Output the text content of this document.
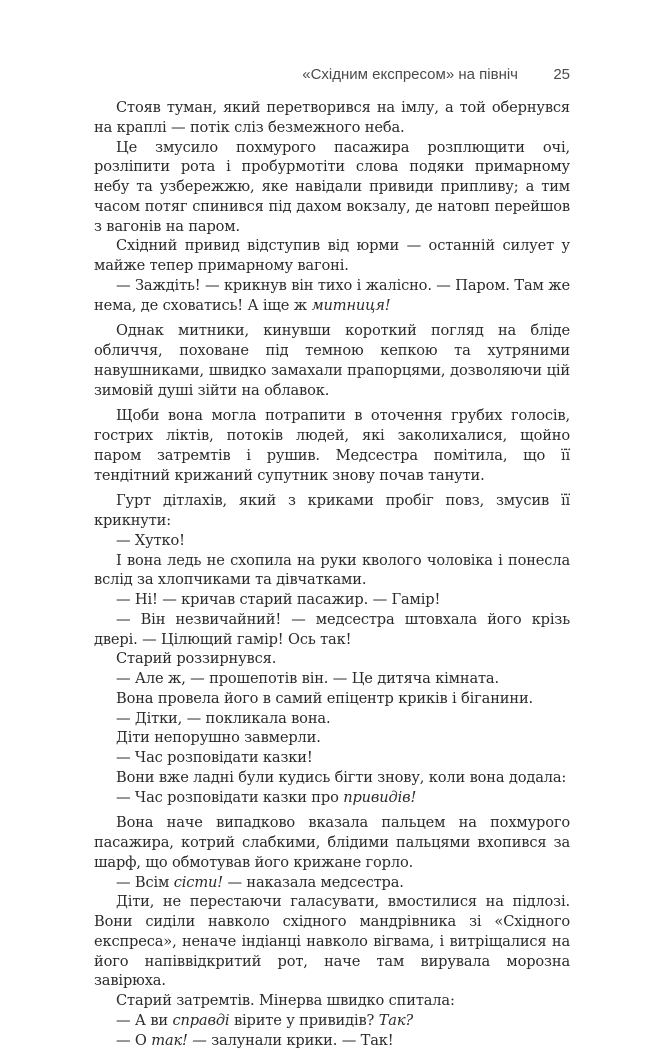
«Східним експресом» на північ 25

Стояв туман, який перетворився на імлу, а той обернувся на краплі — потік сліз безмежного неба.

Це змусило похмурого пасажира розплющити очі, розліпити рота і пробурмотіти слова подяки примарному небу та узбережжю, яке навідали привиди припливу; а тим часом потяг спинився під дахом вокзалу, де натовп перейшов з вагонів на паром.

Східний привид відступив від юрми — останній силует у майже тепер примарному вагоні.

— Заждіть! — крикнув він тихо і жалісно. — Паром. Там же нема, де сховатись! А іще ж митниця!

Однак митники, кинувши короткий погляд на бліде обличчя, поховане під темною кепкою та хутряними навушниками, швидко замахали прапорцями, дозволяючи цій зимовій душі зійти на облавок.

Щоби вона могла потрапити в оточення грубих голосів, гострих ліктів, потоків людей, які заколихалися, щойно паром затремтів і рушив. Медсестра помітила, що її тендітний крижаний супутник знову почав танути.

Гурт дітлахів, який з криками пробіг повз, змусив її крикнути:

— Хутко!

І вона ледь не схопила на руки кволого чоловіка і понесла вслід за хлопчиками та дівчатками.

— Ні! — кричав старий пасажир. — Гамір!

— Він незвичайний! — медсестра штовхала його крізь двері. — Цілющий гамір! Ось так!

Старий роззирнувся.

— Але ж, — прошепотів він. — Це дитяча кімната.

Вона провела його в самий епіцентр криків і біганини.

— Дітки, — покликала вона.

Діти непорушно завмерли.

— Час розповідати казки!

Вони вже ладні були кудись бігти знову, коли вона додала:

— Час розповідати казки про привидів!

Вона наче випадково вказала пальцем на похмурого пасажира, котрий слабкими, блідими пальцями вхопився за шарф, що обмотував його крижане горло.

— Всім сісти! — наказала медсестра.

Діти, не перестаючи галасувати, вмостилися на підлозі. Вони сиділи навколо східного мандрівника зі «Східного експреса», неначе індіанці навколо вігвама, і витріщалися на його напіввідкритий рот, наче там вирувала морозна завірюха.

Старий затремтів. Мінерва швидко спитала:

— А ви справді вірите у привидів? Так?

— О так! — залунали крики. — Так!
